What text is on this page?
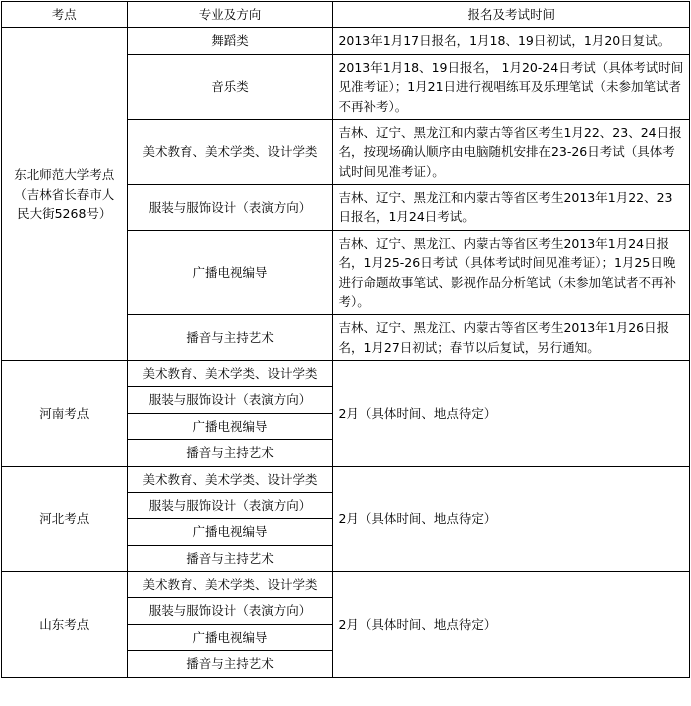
考点	专业及方向	报名及考试时间

东北师范大学考点
（吉林省长春市人
民大街5268号）	舞蹈类	2013年1月17日报名，1月18、19日初试，1月20日复试。
	音乐类	2013年1月18、19日报名， 1月20-24日考试（具体考试时间见准考证）；1月21日进行视唱练耳及乐理笔试（未参加笔试者不再补考）。
	美术教育、美术学类、设计学类	吉林、辽宁、黑龙江和内蒙古等省区考生1月22、23、24日报名，按现场确认顺序由电脑随机安排在23-26日考试（具体考试时间见准考证）。
	服装与服饰设计（表演方向）	吉林、辽宁、黑龙江和内蒙古等省区考生2013年1月22、23日报名，1月24日考试。
	广播电视编导	吉林、辽宁、黑龙江、内蒙古等省区考生2013年1月24日报名，1月25-26日考试（具体考试时间见准考证）；1月25日晚进行命题故事笔试、影视作品分析笔试（未参加笔试者不再补考）。
	播音与主持艺术	吉林、辽宁、黑龙江、内蒙古等省区考生2013年1月26日报名，1月27日初试；春节以后复试，另行通知。

河南考点	美术教育、美术学类、设计学类	2月（具体时间、地点待定）
	服装与服饰设计（表演方向）	
	广播电视编导	
	播音与主持艺术	

河北考点	美术教育、美术学类、设计学类	2月（具体时间、地点待定）
	服装与服饰设计（表演方向）	
	广播电视编导	
	播音与主持艺术	

山东考点	美术教育、美术学类、设计学类	2月（具体时间、地点待定）
	服装与服饰设计（表演方向）	
	广播电视编导	
	播音与主持艺术	
